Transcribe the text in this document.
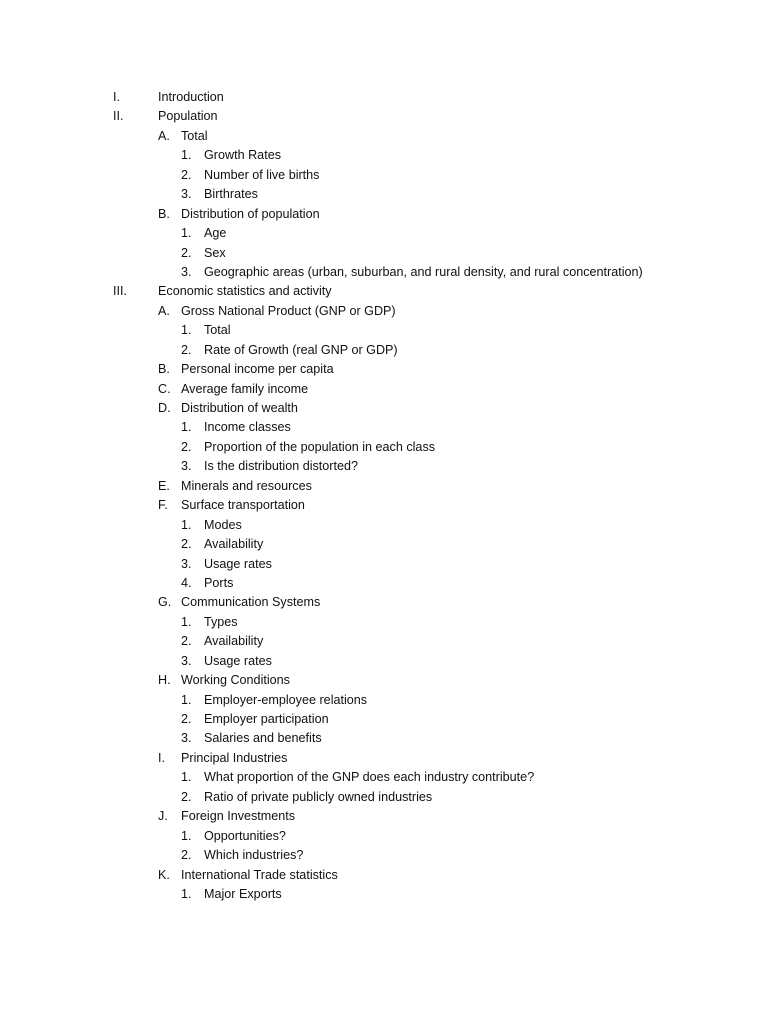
I.	Introduction
II.	Population
A. Total
1. Growth Rates
2. Number of live births
3. Birthrates
B. Distribution of population
1. Age
2. Sex
3. Geographic areas (urban, suburban, and rural density, and rural concentration)
III. Economic statistics and activity
A. Gross National Product (GNP or GDP)
1. Total
2. Rate of Growth (real GNP or GDP)
B. Personal income per capita
C. Average family income
D. Distribution of wealth
1. Income classes
2. Proportion of the population in each class
3. Is the distribution distorted?
E. Minerals and resources
F. Surface transportation
1. Modes
2. Availability
3. Usage rates
4. Ports
G. Communication Systems
1. Types
2. Availability
3. Usage rates
H. Working Conditions
1. Employer-employee relations
2. Employer participation
3. Salaries and benefits
I. Principal Industries
1. What proportion of the GNP does each industry contribute?
2. Ratio of private publicly owned industries
J. Foreign Investments
1. Opportunities?
2. Which industries?
K. International Trade statistics
1. Major Exports
